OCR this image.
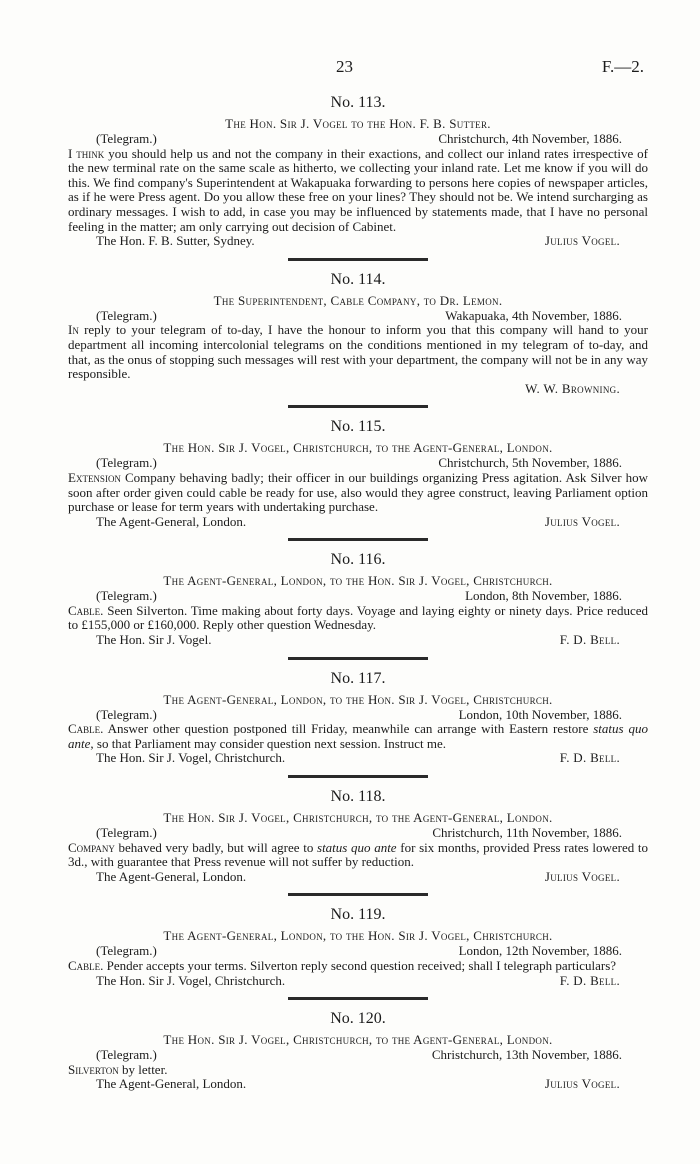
23	F.—2.
No. 113.
The Hon. Sir J. Vogel to the Hon. F. B. Sutter.
(Telegram.)	Christchurch, 4th November, 1886.
I think you should help us and not the company in their exactions, and collect our inland rates irrespective of the new terminal rate on the same scale as hitherto, we collecting your inland rate. Let me know if you will do this. We find company's Superintendent at Wakapuaka forwarding to persons here copies of newspaper articles, as if he were Press agent. Do you allow these free on your lines? They should not be. We intend surcharging as ordinary messages. I wish to add, in case you may be influenced by statements made, that I have no personal feeling in the matter; am only carrying out decision of Cabinet.
The Hon. F. B. Sutter, Sydney.	Julius Vogel.
No. 114.
The Superintendent, Cable Company, to Dr. Lemon.
(Telegram.)	Wakapuaka, 4th November, 1886.
In reply to your telegram of to-day, I have the honour to inform you that this company will hand to your department all incoming intercolonial telegrams on the conditions mentioned in my telegram of to-day, and that, as the onus of stopping such messages will rest with your department, the company will not be in any way responsible.
W. W. Browning.
No. 115.
The Hon. Sir J. Vogel, Christchurch, to the Agent-General, London.
(Telegram.)	Christchurch, 5th November, 1886.
Extension Company behaving badly; their officer in our buildings organizing Press agitation. Ask Silver how soon after order given could cable be ready for use, also would they agree construct, leaving Parliament option purchase or lease for term years with undertaking purchase.
The Agent-General, London.	Julius Vogel.
No. 116.
The Agent-General, London, to the Hon. Sir J. Vogel, Christchurch.
(Telegram.)	London, 8th November, 1886.
Cable. Seen Silverton. Time making about forty days. Voyage and laying eighty or ninety days. Price reduced to £155,000 or £160,000. Reply other question Wednesday.
The Hon. Sir J. Vogel.	F. D. Bell.
No. 117.
The Agent-General, London, to the Hon. Sir J. Vogel, Christchurch.
(Telegram.)	London, 10th November, 1886.
Cable. Answer other question postponed till Friday, meanwhile can arrange with Eastern restore status quo ante, so that Parliament may consider question next session. Instruct me.
The Hon. Sir J. Vogel, Christchurch.	F. D. Bell.
No. 118.
The Hon. Sir J. Vogel, Christchurch, to the Agent-General, London.
(Telegram.)	Christchurch, 11th November, 1886.
Company behaved very badly, but will agree to status quo ante for six months, provided Press rates lowered to 3d., with guarantee that Press revenue will not suffer by reduction.
The Agent-General, London.	Julius Vogel.
No. 119.
The Agent-General, London, to the Hon. Sir J. Vogel, Christchurch.
(Telegram.)	London, 12th November, 1886.
Cable. Pender accepts your terms. Silverton reply second question received; shall I telegraph particulars?
The Hon. Sir J. Vogel, Christchurch.	F. D. Bell.
No. 120.
The Hon. Sir J. Vogel, Christchurch, to the Agent-General, London.
(Telegram.)	Christchurch, 13th November, 1886.
Silverton by letter.
The Agent-General, London.	Julius Vogel.
